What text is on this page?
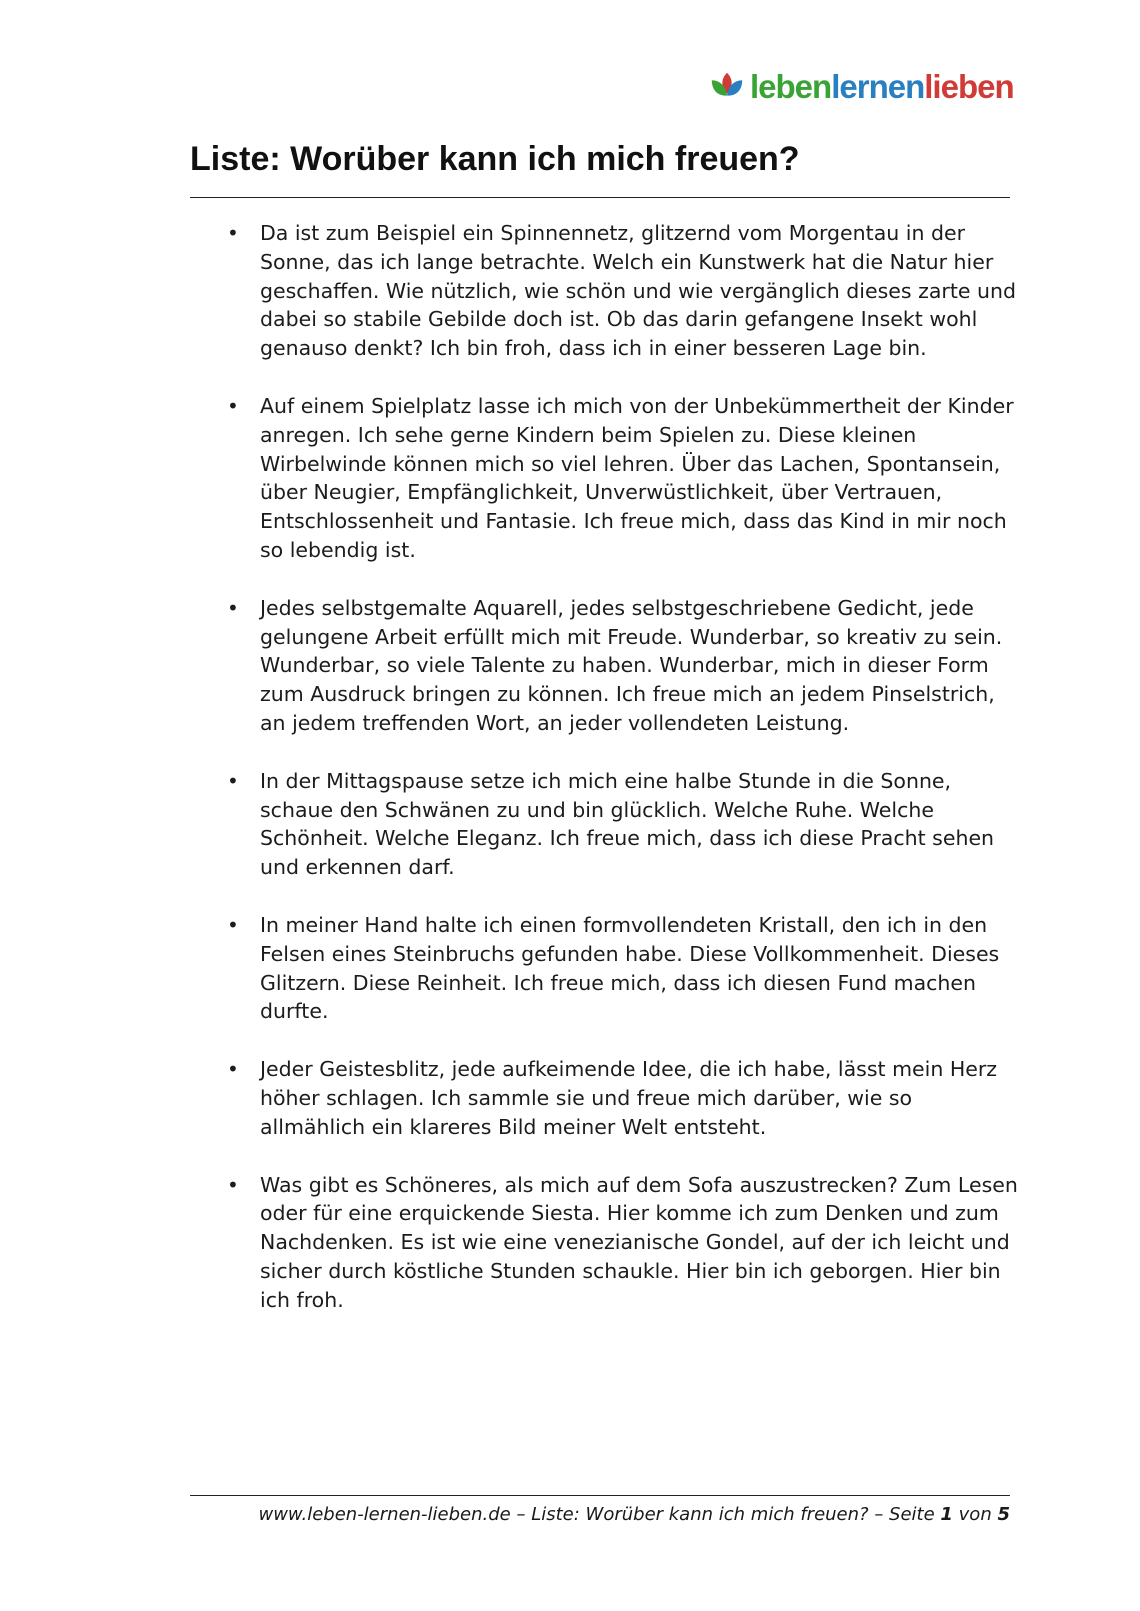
lebenlernenlieben
Liste: Worüber kann ich mich freuen?
• Da ist zum Beispiel ein Spinnennetz, glitzernd vom Morgentau in der Sonne, das ich lange betrachte. Welch ein Kunstwerk hat die Natur hier geschaffen. Wie nützlich, wie schön und wie vergänglich dieses zarte und dabei so stabile Gebilde doch ist. Ob das darin gefangene Insekt wohl genauso denkt? Ich bin froh, dass ich in einer besseren Lage bin.
• Auf einem Spielplatz lasse ich mich von der Unbekümmertheit der Kinder anregen. Ich sehe gerne Kindern beim Spielen zu. Diese kleinen Wirbelwinde können mich so viel lehren. Über das Lachen, Spontansein, über Neugier, Empfänglichkeit, Unverwüstlichkeit, über Vertrauen, Entschlossenheit und Fantasie. Ich freue mich, dass das Kind in mir noch so lebendig ist.
• Jedes selbstgemalte Aquarell, jedes selbstgeschriebene Gedicht, jede gelungene Arbeit erfüllt mich mit Freude. Wunderbar, so kreativ zu sein. Wunderbar, so viele Talente zu haben. Wunderbar, mich in dieser Form zum Ausdruck bringen zu können. Ich freue mich an jedem Pinselstrich, an jedem treffenden Wort, an jeder vollendeten Leistung.
• In der Mittagspause setze ich mich eine halbe Stunde in die Sonne, schaue den Schwänen zu und bin glücklich. Welche Ruhe. Welche Schönheit. Welche Eleganz. Ich freue mich, dass ich diese Pracht sehen und erkennen darf.
• In meiner Hand halte ich einen formvollendeten Kristall, den ich in den Felsen eines Steinbruchs gefunden habe. Diese Vollkommenheit. Dieses Glitzern. Diese Reinheit. Ich freue mich, dass ich diesen Fund machen durfte.
• Jeder Geistesblitz, jede aufkeimende Idee, die ich habe, lässt mein Herz höher schlagen. Ich sammle sie und freue mich darüber, wie so allmählich ein klareres Bild meiner Welt entsteht.
• Was gibt es Schöneres, als mich auf dem Sofa auszustrecken? Zum Lesen oder für eine erquickende Siesta. Hier komme ich zum Denken und zum Nachdenken. Es ist wie eine venezianische Gondel, auf der ich leicht und sicher durch köstliche Stunden schaukle. Hier bin ich geborgen. Hier bin ich froh.
www.leben-lernen-lieben.de – Liste: Worüber kann ich mich freuen? – Seite 1 von 5
